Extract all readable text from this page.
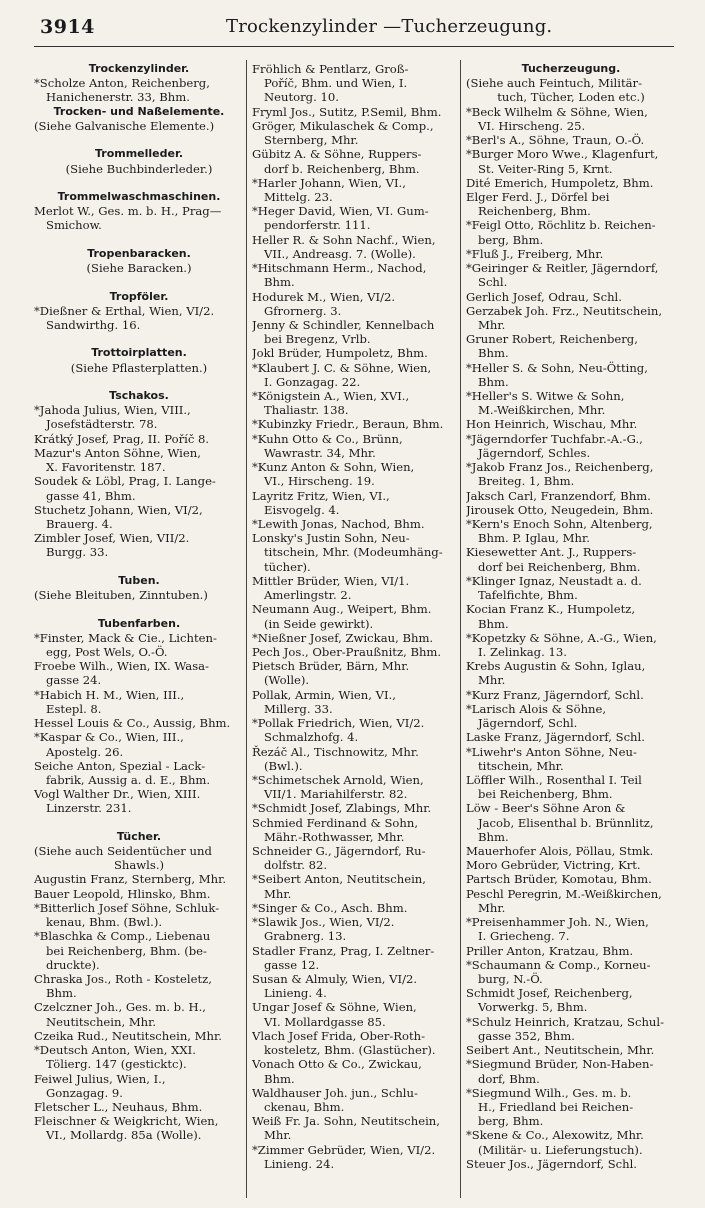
3914	Trockenzylinder —Tucherzeugung.
Trockenzylinder.
*Scholze Anton, Reichenberg,
Hanichenerstr. 33, Bhm.
Trocken- und Naßelemente.
(Siehe Galvanische Elemente.)
Trommelleder.
(Siehe Buchbinderleder.)
Trommelwaschmaschinen.
Merlot W., Ges. m. b. H., Prag—
Smichow.
Tropenbaracken.
(Siehe Baracken.)
Tropföler.
*Dießner & Erthal, Wien, VI/2.
Sandwirthg. 16.
Trottoirplatten.
(Siehe Pflasterplatten.)
Tschakos.
*Jahoda Julius, Wien, VIII.,
Josefstädterstr. 78.
Krátký Josef, Prag, II. Poříč 8.
Mazur's Anton Söhne, Wien,
X. Favoritenstr. 187.
Soudek & Löbl, Prag, I. Lange-
gasse 41, Bhm.
Stuchetz Johann, Wien, VI/2,
Brauerg. 4.
Zimbler Josef, Wien, VII/2.
Burgg. 33.
Tuben.
(Siehe Bleituben, Zinntuben.)
Tubenfarben.
*Finster, Mack & Cie., Lichten-
egg, Post Wels, O.-Ö.
Froebe Wilh., Wien, IX. Wasa-
gasse 24.
*Habich H. M., Wien, III.,
Estepl. 8.
Hessel Louis & Co., Aussig, Bhm.
*Kaspar & Co., Wien, III.,
Apostelg. 26.
Seiche Anton, Spezial - Lack-
fabrik, Aussig a. d. E., Bhm.
Vogl Walther Dr., Wien, XIII.
Linzerstr. 231.
Tücher.
(Siehe auch Seidentücher und
Shawls.)
Augustin Franz, Sternberg, Mhr.
Bauer Leopold, Hlinsko, Bhm.
*Bitterlich Josef Söhne, Schluk-
kenau, Bhm. (Bwl.).
*Blaschka & Comp., Liebenau
bei Reichenberg, Bhm. (be-
druckte).
Chraska Jos., Roth - Kosteletz,
Bhm.
Czelczner Joh., Ges. m. b. H.,
Neutitschein, Mhr.
Czeika Rud., Neutitschein, Mhr.
*Deutsch Anton, Wien, XXI.
Tölierg. 147 (gesticktc).
Feiwel Julius, Wien, I.,
Gonzagag. 9.
Fletscher L., Neuhaus, Bhm.
Fleischner & Weigkricht, Wien,
VI., Mollardg. 85a (Wolle).
Fröhlich & Pentlarz, Groß-
Poříč, Bhm. und Wien, I.
Neutorg. 10.
Fryml Jos., Sutitz, P.Semil, Bhm.
Gröger, Mikulaschek & Comp.,
Sternberg, Mhr.
Gübitz A. & Söhne, Ruppers-
dorf b. Reichenberg, Bhm.
*Harler Johann, Wien, VI.,
Mittelg. 23.
*Heger David, Wien, VI. Gum-
pendorferstr. 111.
Heller R. & Sohn Nachf., Wien,
VII., Andreasg. 7. (Wolle).
*Hitschmann Herm., Nachod,
Bhm.
Hodurek M., Wien, VI/2.
Gfrornerg. 3.
Jenny & Schindler, Kennelbach
bei Bregenz, Vrlb.
Jokl Brüder, Humpoletz, Bhm.
*Klaubert J. C. & Söhne, Wien,
I. Gonzagag. 22.
*Königstein A., Wien, XVI.,
Thaliastr. 138.
*Kubinzky Friedr., Beraun, Bhm.
*Kuhn Otto & Co., Brünn,
Wawrastr. 34, Mhr.
*Kunz Anton & Sohn, Wien,
VI., Hirscheng. 19.
Layritz Fritz, Wien, VI.,
Eisvogelg. 4.
*Lewith Jonas, Nachod, Bhm.
Lonsky's Justin Sohn, Neu-
titschein, Mhr. (Modeumhäng-
tücher).
Mittler Brüder, Wien, VI/1.
Amerlingstr. 2.
Neumann Aug., Weipert, Bhm.
(in Seide gewirkt).
*Nießner Josef, Zwickau, Bhm.
Pech Jos., Ober-Praußnitz, Bhm.
Pietsch Brüder, Bärn, Mhr.
(Wolle).
Pollak, Armin, Wien, VI.,
Millerg. 33.
*Pollak Friedrich, Wien, VI/2.
Schmalzhofg. 4.
Řezáč Al., Tischnowitz, Mhr.
(Bwl.).
*Schimetschek Arnold, Wien,
VII/1. Mariahilferstr. 82.
*Schmidt Josef, Zlabings, Mhr.
Schmied Ferdinand & Sohn,
Mähr.-Rothwasser, Mhr.
Schneider G., Jägerndorf, Ru-
dolfstr. 82.
*Seibert Anton, Neutitschein,
Mhr.
*Singer & Co., Asch. Bhm.
*Slawik Jos., Wien, VI/2.
Grabnerg. 13.
Stadler Franz, Prag, I. Zeltner-
gasse 12.
Susan & Almuly, Wien, VI/2.
Linieng. 4.
Ungar Josef & Söhne, Wien,
VI. Mollardgasse 85.
Vlach Josef Frida, Ober-Roth-
kosteletz, Bhm. (Glastücher).
Vonach Otto & Co., Zwickau,
Bhm.
Waldhauser Joh. jun., Schlu-
ckenau, Bhm.
Weiß Fr. Ja. Sohn, Neutitschein,
Mhr.
*Zimmer Gebrüder, Wien, VI/2.
Linieng. 24.
Tucherzeugung.
(Siehe auch Feintuch, Militär-
tuch, Tücher, Loden etc.)
*Beck Wilhelm & Söhne, Wien,
VI. Hirscheng. 25.
*Berl's A., Söhne, Traun, O.-Ö.
*Burger Moro Wwe., Klagenfurt,
St. Veiter-Ring 5, Krnt.
Dité Emerich, Humpoletz, Bhm.
Elger Ferd. J., Dörfel bei
Reichenberg, Bhm.
*Feigl Otto, Röchlitz b. Reichen-
berg, Bhm.
*Fluß J., Freiberg, Mhr.
*Geiringer & Reitler, Jägerndorf,
Schl.
Gerlich Josef, Odrau, Schl.
Gerzabek Joh. Frz., Neutitschein,
Mhr.
Gruner Robert, Reichenberg,
Bhm.
*Heller S. & Sohn, Neu-Ötting,
Bhm.
*Heller's S. Witwe & Sohn,
M.-Weißkirchen, Mhr.
Hon Heinrich, Wischau, Mhr.
*Jägerndorfer Tuchfabr.-A.-G.,
Jägerndorf, Schles.
*Jakob Franz Jos., Reichenberg,
Breiteg. 1, Bhm.
Jaksch Carl, Franzendorf, Bhm.
Jirousek Otto, Neugedein, Bhm.
*Kern's Enoch Sohn, Altenberg,
Bhm. P. Iglau, Mhr.
Kiesewetter Ant. J., Ruppers-
dorf bei Reichenberg, Bhm.
*Klinger Ignaz, Neustadt a. d.
Tafelfichte, Bhm.
Kocian Franz K., Humpoletz,
Bhm.
*Kopetzky & Söhne, A.-G., Wien,
I. Zelinkag. 13.
Krebs Augustin & Sohn, Iglau,
Mhr.
*Kurz Franz, Jägerndorf, Schl.
*Larisch Alois & Söhne,
Jägerndorf, Schl.
Laske Franz, Jägerndorf, Schl.
*Liwehr's Anton Söhne, Neu-
titschein, Mhr.
Löffler Wilh., Rosenthal I. Teil
bei Reichenberg, Bhm.
Löw - Beer's Söhne Aron &
Jacob, Elisenthal b. Brünnlitz,
Bhm.
Mauerhofer Alois, Pöllau, Stmk.
Moro Gebrüder, Victring, Krt.
Partsch Brüder, Komotau, Bhm.
Peschl Peregrin, M.-Weißkirchen,
Mhr.
*Preisenhammer Joh. N., Wien,
I. Griecheng. 7.
Priller Anton, Kratzau, Bhm.
*Schaumann & Comp., Korneu-
burg, N.-Ö.
Schmidt Josef, Reichenberg,
Vorwerkg. 5, Bhm.
*Schulz Heinrich, Kratzau, Schul-
gasse 352, Bhm.
Seibert Ant., Neutitschein, Mhr.
*Siegmund Brüder, Non-Haben-
dorf, Bhm.
*Siegmund Wilh., Ges. m. b.
H., Friedland bei Reichen-
berg, Bhm.
*Skene & Co., Alexowitz, Mhr.
(Militär- u. Lieferungstuch).
Steuer Jos., Jägerndorf, Schl.
